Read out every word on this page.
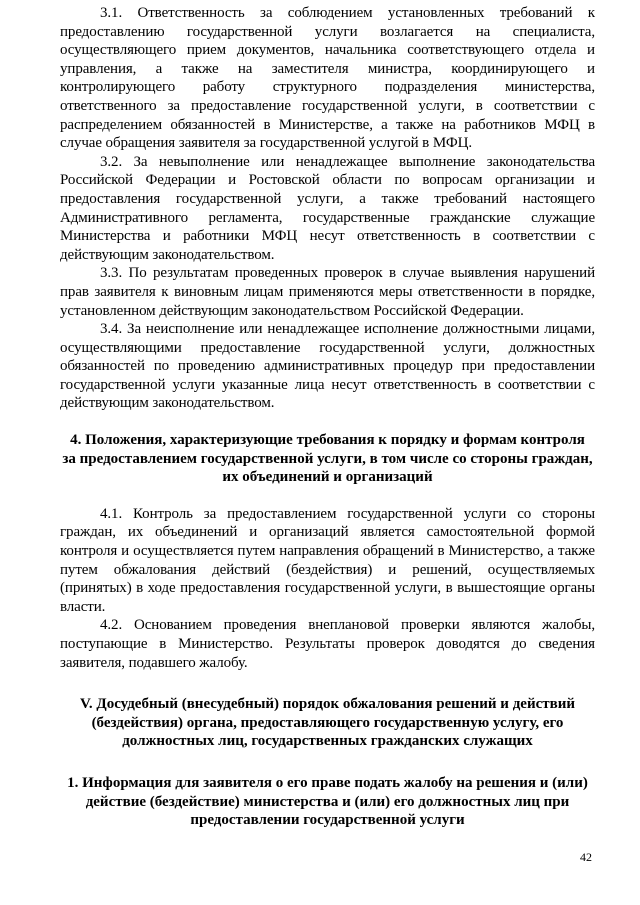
3.1. Ответственность за соблюдением установленных требований к предоставлению государственной услуги возлагается на специалиста, осуществляющего прием документов, начальника соответствующего отдела и управления, а также на заместителя министра, координирующего и контролирующего работу структурного подразделения министерства, ответственного за предоставление государственной услуги, в соответствии с распределением обязанностей в Министерстве, а также на работников МФЦ в случае обращения заявителя за государственной услугой в МФЦ.

3.2. За невыполнение или ненадлежащее выполнение законодательства Российской Федерации и Ростовской области по вопросам организации и предоставления государственной услуги, а также требований настоящего Административного регламента, государственные гражданские служащие Министерства и работники МФЦ несут ответственность в соответствии с действующим законодательством.

3.3. По результатам проведенных проверок в случае выявления нарушений прав заявителя к виновным лицам применяются меры ответственности в порядке, установленном действующим законодательством Российской Федерации.

3.4. За неисполнение или ненадлежащее исполнение должностными лицами, осуществляющими предоставление государственной услуги, должностных обязанностей по проведению административных процедур при предоставлении государственной услуги указанные лица несут ответственность в соответствии с действующим законодательством.

4. Положения, характеризующие требования к порядку и формам контроля за предоставлением государственной услуги, в том числе со стороны граждан, их объединений и организаций

4.1. Контроль за предоставлением государственной услуги со стороны граждан, их объединений и организаций является самостоятельной формой контроля и осуществляется путем направления обращений в Министерство, а также путем обжалования действий (бездействия) и решений, осуществляемых (принятых) в ходе предоставления государственной услуги, в вышестоящие органы власти.

4.2. Основанием проведения внеплановой проверки являются жалобы, поступающие в Министерство. Результаты проверок доводятся до сведения заявителя, подавшего жалобу.

V. Досудебный (внесудебный) порядок обжалования решений и действий (бездействия) органа, предоставляющего государственную услугу, его должностных лиц, государственных гражданских служащих
1. Информация для заявителя о его праве подать жалобу на решения и (или) действие (бездействие) министерства и (или) его должностных лиц при предоставлении государственной услуги
42
